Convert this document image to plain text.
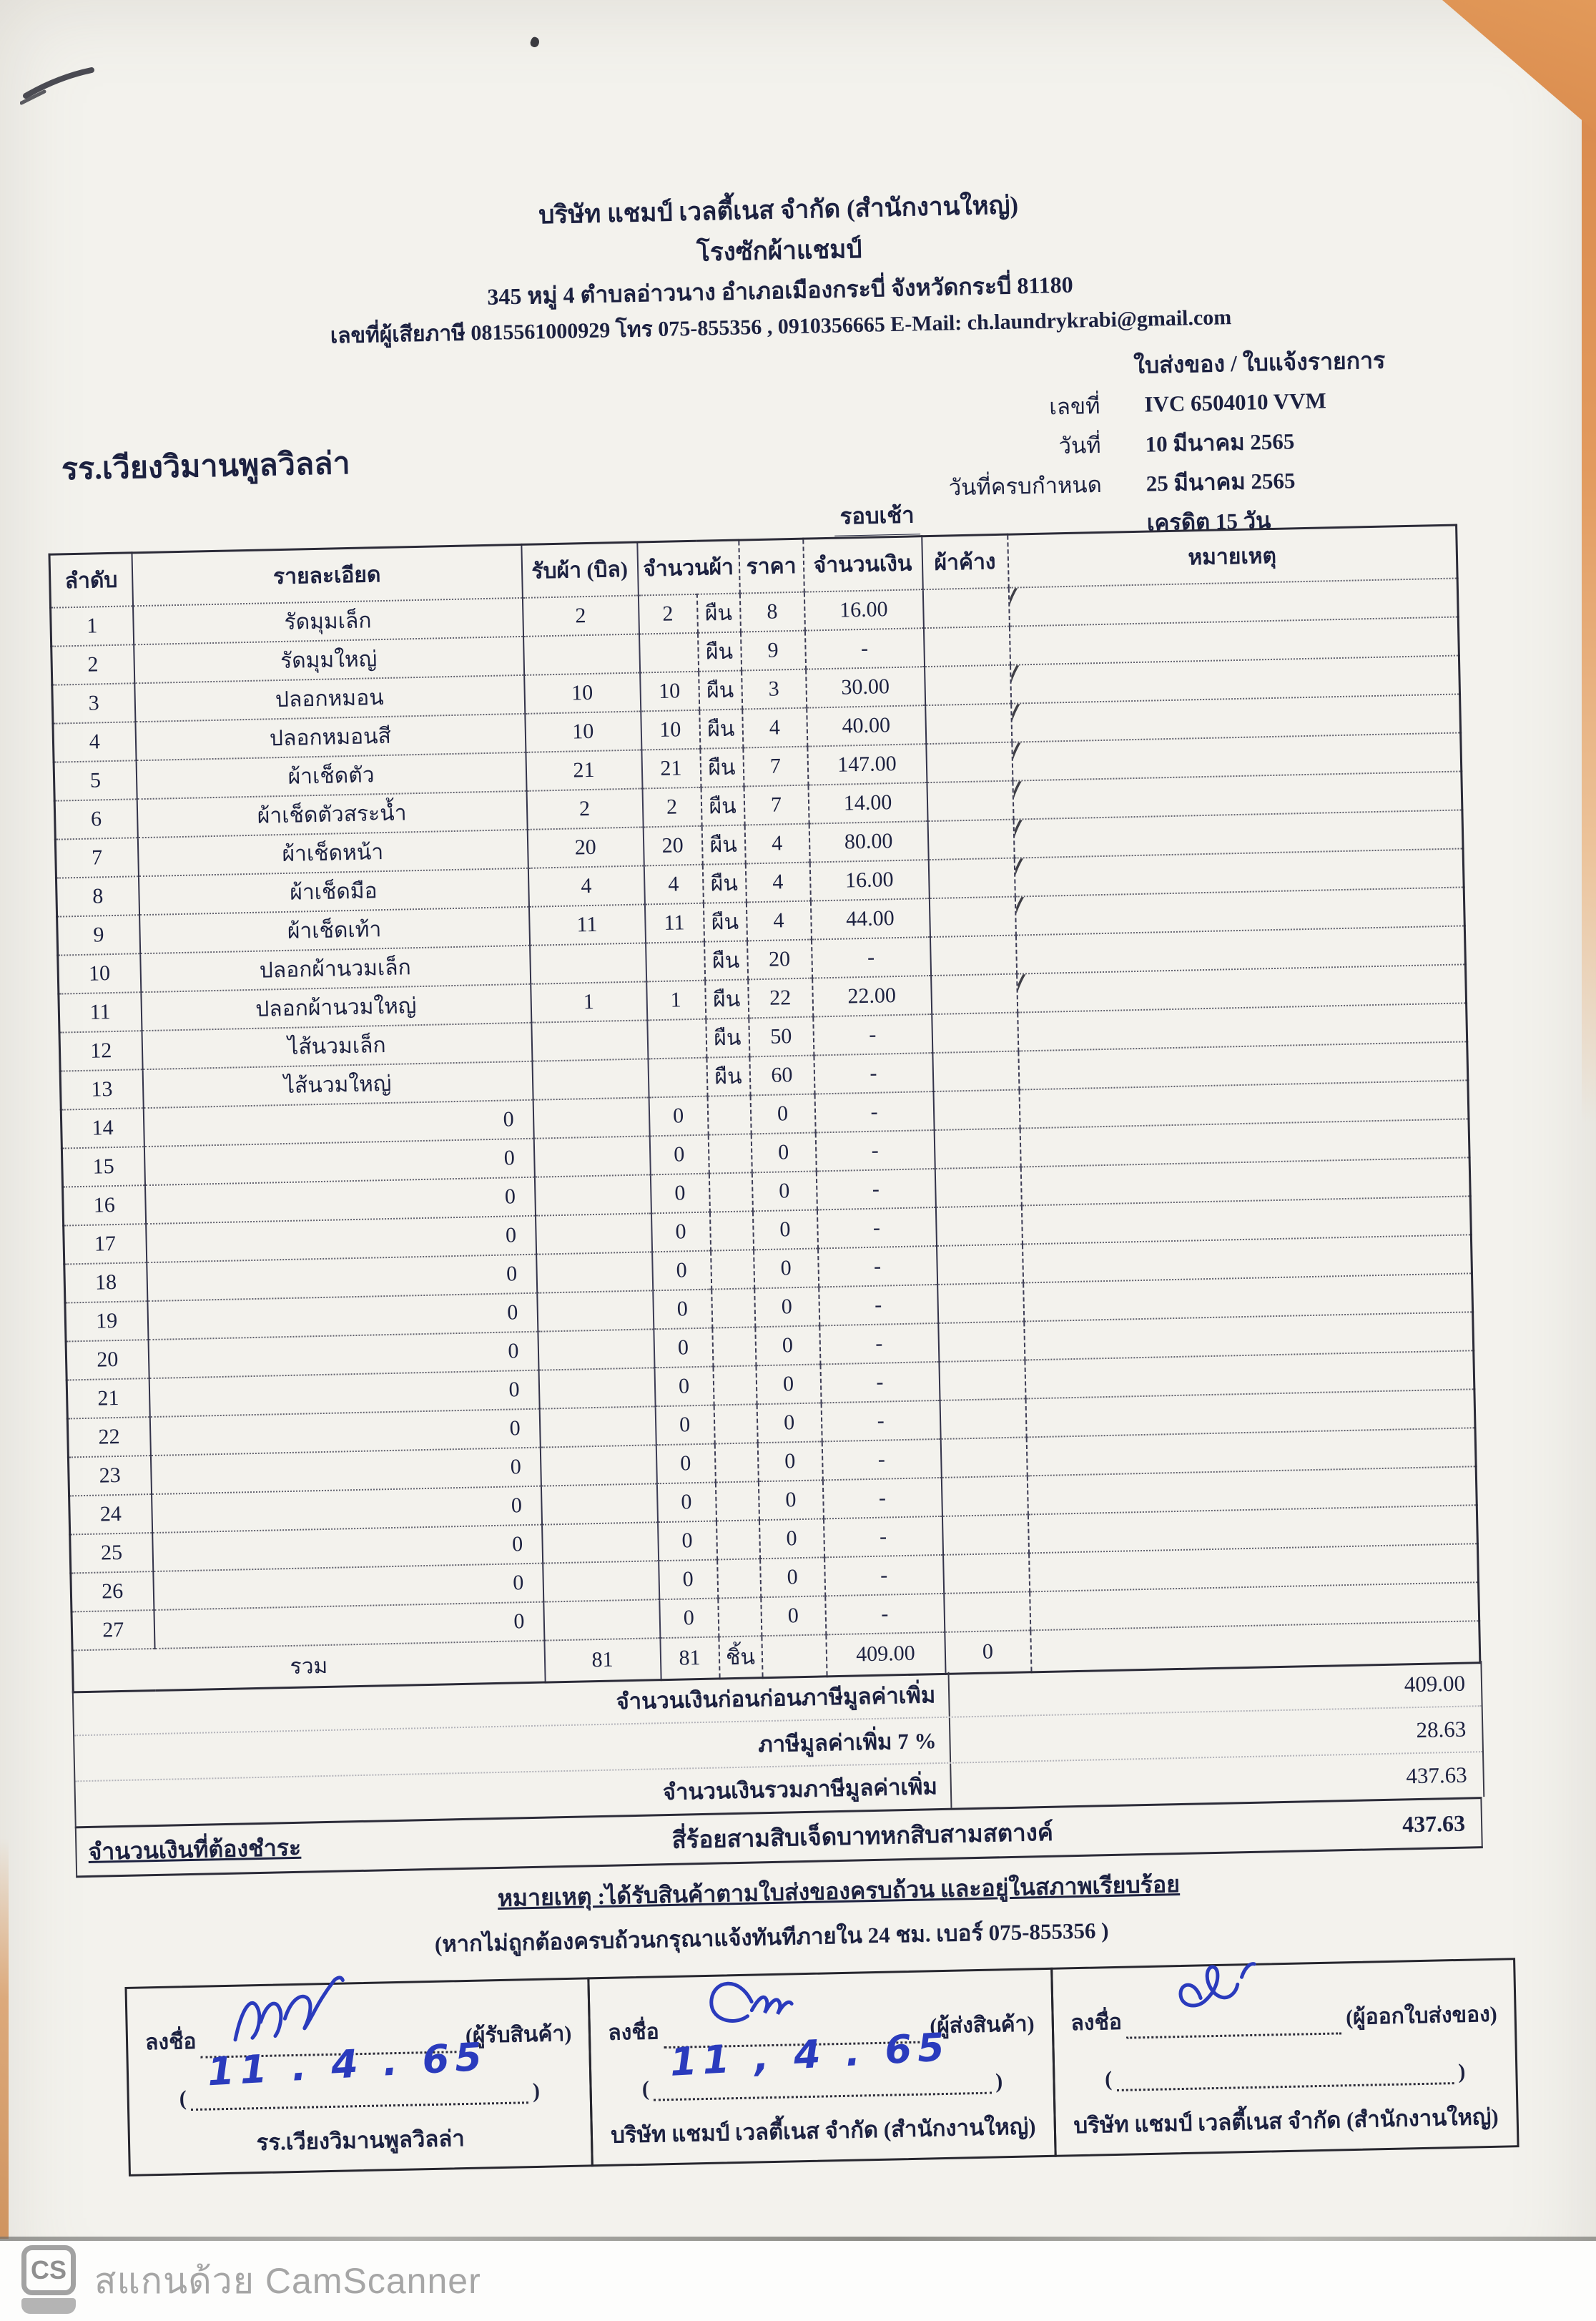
บริษัท แชมป์ เวลตี้เนส จำกัด (สำนักงานใหญ่)
โรงซักผ้าแชมป์
345 หมู่ 4 ตำบลอ่าวนาง อำเภอเมืองกระบี่ จังหวัดกระบี่ 81180
เลขที่ผู้เสียภาษี 0815561000929 โทร 075-855356 , 0910356665 E-Mail: ch.laundrykrabi@gmail.com
ใบส่งของ / ใบแจ้งรายการ
เลขที่	IVC 6504010 VVM
วันที่	10 มีนาคม 2565
วันที่ครบกำหนด	25 มีนาคม 2565
เครดิต 15 วัน
รร.เวียงวิมานพูลวิลล่า
รอบเช้า
ลำดับ	รายละเอียด	รับผ้า (บิล)	จำนวนผ้า		ราคา	จำนวนเงิน	ผ้าค้าง	หมายเหตุ
1	รัดมุมเล็ก	2	2	ผืน	8	16.00		

2	รัดมุมใหญ่			ผืน	9	-		
3	ปลอกหมอน	10	10	ผืน	3	30.00		

4	ปลอกหมอนสี	10	10	ผืน	4	40.00		

5	ผ้าเช็ดตัว	21	21	ผืน	7	147.00		

6	ผ้าเช็ดตัวสระน้ำ	2	2	ผืน	7	14.00		

7	ผ้าเช็ดหน้า	20	20	ผืน	4	80.00		

8	ผ้าเช็ดมือ	4	4	ผืน	4	16.00		

9	ผ้าเช็ดเท้า	11	11	ผืน	4	44.00		

10	ปลอกผ้านวมเล็ก			ผืน	20	-		
11	ปลอกผ้านวมใหญ่	1	1	ผืน	22	22.00		

12	ไส้นวมเล็ก			ผืน	50	-		
13	ไส้นวมใหญ่			ผืน	60	-		
14	0		0		0	-		
15	0		0		0	-		
16	0		0		0	-		
17	0		0		0	-		
18	0		0		0	-		
19	0		0		0	-		
20	0		0		0	-		
21	0		0		0	-		
22	0		0		0	-		
23	0		0		0	-		
24	0		0		0	-		
25	0		0		0	-		
26	0		0		0	-		
27	0		0		0	-		
รวม		81	81	ชิ้น		409.00	0	
จำนวนเงินก่อนก่อนภาษีมูลค่าเพิ่ม	409.00
ภาษีมูลค่าเพิ่ม 7 %	28.63
จำนวนเงินรวมภาษีมูลค่าเพิ่ม	437.63
จำนวนเงินที่ต้องชำระ	สี่ร้อยสามสิบเจ็ดบาทหกสิบสามสตางค์	437.63
หมายเหตุ :ได้รับสินค้าตามใบส่งของครบถ้วน และอยู่ในสภาพเรียบร้อย
(หากไม่ถูกต้องครบถ้วนกรุณาแจ้งทันทีภายใน 24 ชม. เบอร์ 075-855356 )
ลงชื่อ	(ผู้รับสินค้า)
(	)
11 . 4 . 65
รร.เวียงวิมานพูลวิลล่า
ลงชื่อ	(ผู้ส่งสินค้า)
(	)
11 , 4 . 65
บริษัท แชมป์ เวลตี้เนส จำกัด (สำนักงานใหญ่)
ลงชื่อ	(ผู้ออกใบส่งของ)
(	)
บริษัท แชมป์ เวลตี้เนส จำกัด (สำนักงานใหญ่)
CS สแกนด้วย CamScanner
